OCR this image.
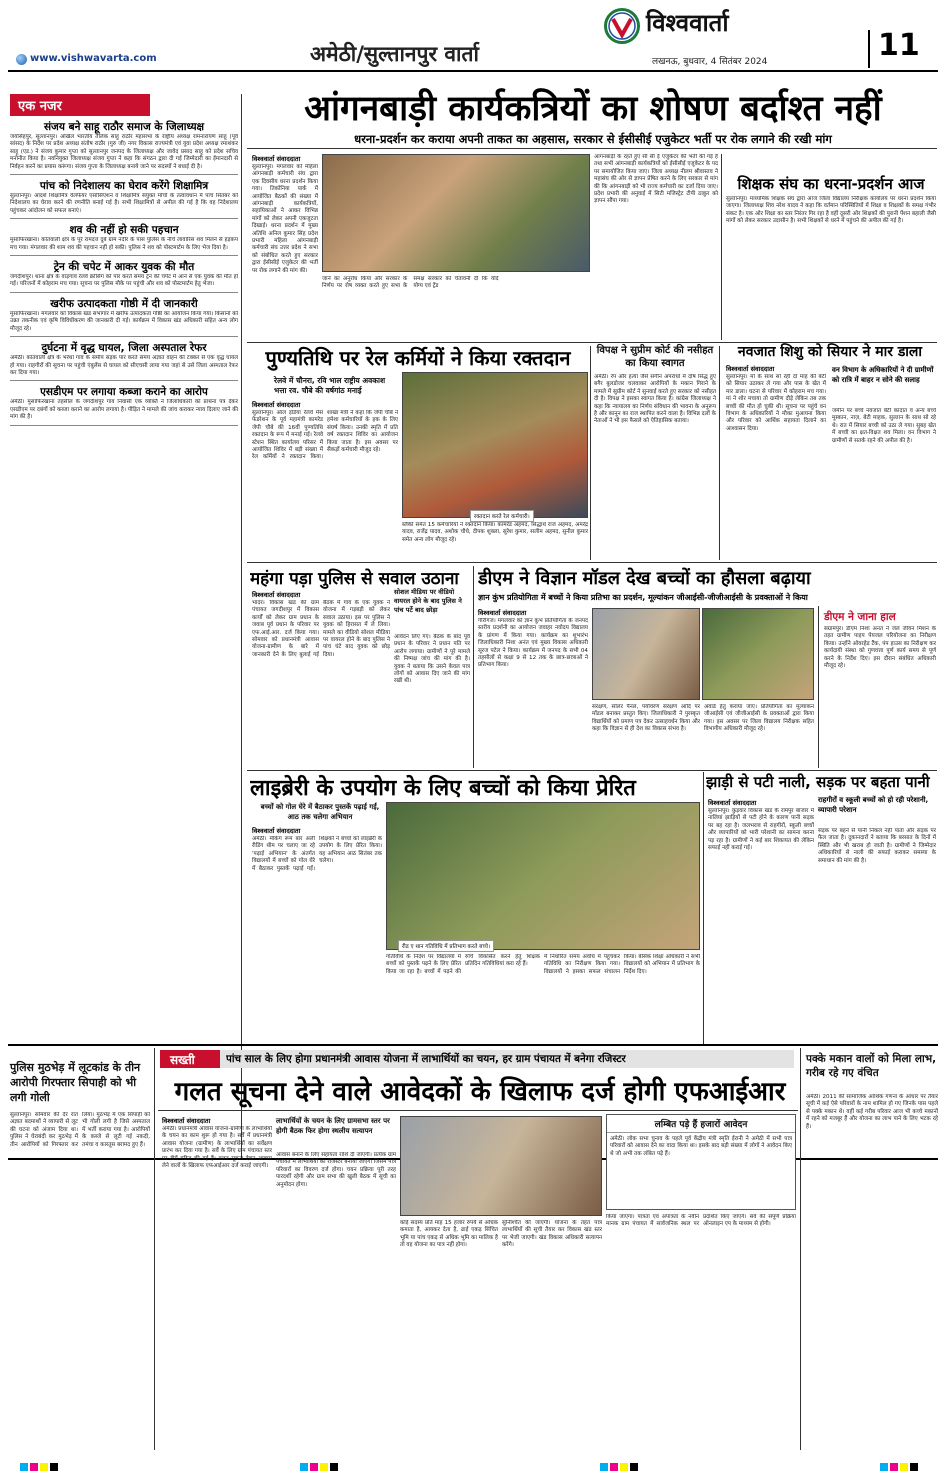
www.vishwavarta.com	अमेठी/सुल्तानपुर वार्ता
विश्ववार्ता
लखनऊ, बुधवार, 4 सितंबर 2024	11
एक नजर
संजय बने साहू राठौर समाज के जिलाध्यक्ष
जयसिंहपुर, सुल्तानपुर। अखिल भारतीय तैलिक साहू राठौर महासभा के राष्ट्रीय अध्यक्ष रामनारायण साहू (पूर्व सांसद) के निर्देश पर प्रदेश अध्यक्ष संतोष राठौर (गुरु जी) नगर विकास राज्यमंत्री एवं युवा प्रदेश अध्यक्ष रमाशंकर साहू (एड.) ने संजय कुमार गुप्ता को सुल्तानपुर जनपद के जिलाध्यक्ष और जावेद प्रसाद साहू को प्रदेश सचिव मनोनीत किया है। नवनियुक्त जिलाध्यक्ष संजय गुप्ता ने कहा कि संगठन द्वारा दी गई जिम्मेदारी का ईमानदारी से निर्वहन करने का प्रयास करूंगा। संजय गुप्ता के जिलाध्यक्ष बनाये जाने पर सदस्यों ने बधाई दी है।
पांच को निदेशालय का घेराव करेंगे शिक्षामित्र
सुल्तानपुर। आदर्श शिक्षामित्र वेलफेयर एसोसिएशन व शिक्षामित्र संयुक्त मोर्चा के तत्वावधान में पांच सितंबर को निदेशालय का घेराव करने की रणनीति बनाई गई है। सभी शिक्षामित्रों से अपील की गई है कि वह निदेशालय पहुंचकर आंदोलन को सफल बनाएं।
शव की नहीं हो सकी पहचान
मुसाफिरखाना। कोतवाली क्षेत्र के पूरे रामदत्त दुबे ग्राम नंदीर के पास पुलिस के नीचे लावारिस शव मिलने से हड़कंप मच गया। मंगलवार की शाम शव की पहचान नहीं हो सकी। पुलिस ने शव को पोस्टमार्टम के लिए भेज दिया है।
ट्रेन की चपेट में आकर युवक की मौत
जगदीशपुर। थाना क्षेत्र के वाड़गांव रेलवे क्रॉसिंग को पार करते समय ट्रेन की चपेट में आने से एक युवक की मौत हो गई। परिजनों में कोहराम मच गया। सूचना पर पुलिस मौके पर पहुंची और शव को पोस्टमार्टम हेतु भेजा।
खरीफ उत्पादकता गोष्ठी में दी जानकारी
मुसाफिरखाना। मंगलवार को विकास खंड सभागार में खरीफ उत्पादकता गोष्ठी का आयोजन किया गया। किसानों को उन्नत तकनीक एवं कृषि विविधीकरण की जानकारी दी गई। कार्यक्रम में विकास खंड अधिकारी सहित अन्य लोग मौजूद रहे।
दुर्घटना में वृद्ध घायल, जिला अस्पताल रेफर
अमेठी। कोतवाली क्षेत्र के भरेथा गांव के समीप सड़क पार करते समय अज्ञात वाहन की टक्कर से एक वृद्ध घायल हो गया। राहगीरों की सूचना पर पहुंची एंबुलेंस से घायल को सीएचसी लाया गया जहां से उसे जिला अस्पताल रेफर कर दिया गया।
एसडीएम पर लगाया कब्जा कराने का आरोप
अमेठी। मुसाफिरखाना तहसील के जगदीशपुर गांव निवासी एक व्यक्ति ने जिलाधिकारी को प्रार्थना पत्र देकर एसडीएम पर दबंगों को कब्जा कराने का आरोप लगाया है। पीड़ित ने मामले की जांच कराकर न्याय दिलाए जाने की मांग की है।
आंगनबाड़ी कार्यकत्रियों का शोषण बर्दाश्त नहीं
धरना-प्रदर्शन कर कराया अपनी ताकत का अहसास, सरकार से ईसीसीई एजुकेटर भर्ती पर रोक लगाने की रखी मांग
विश्ववार्ता संवाददाता
सुल्तानपुर। मंगलवार को महिला आंगनबाड़ी कर्मचारी संघ द्वारा एक दिवसीय धरना प्रदर्शन किया गया। तिकोनिया पार्क में आयोजित बैठकों की संख्या में आंगनबाड़ी कार्यकत्रियों, सहायिकाओं ने आकर विभिन्न मांगों को लेकर अपनी एकजुटता दिखाई। धरना प्रदर्शन में मुख्य अतिथि अनिल कुमार सिंह प्रदेश प्रभारी महिला आंगनबाड़ी कर्मचारी संघ उत्तर प्रदेश ने सभा को संबोधित करते हुए सरकार द्वारा ईसीसीई एजुकेटर की भर्ती पर रोक लगाने की मांग की।
आंगनबाड़ी के रहते हुए सी सी ई एजुकेटर की भर्ती की गई है तथा सभी आंगनबाड़ी कार्यकत्रियों को ईसीसीई एजुकेटर के पद पर समायोजित किया जाए। जिला अध्यक्ष नीलम श्रीवास्तव ने महासंघ की ओर से ज्ञापन प्रेषित करने के लिए सरकार से मांग की कि आंगनबाड़ी को भी राज्य कर्मचारी का दर्जा दिया जाए। प्रदेश प्रभारी की अनुवाई में सिटी मजिस्ट्रेट टीपी ठाकुर को ज्ञापन सौंपा गया।
जाने का अनुरोध किया और सरकार के निर्णय पर रोष व्यक्त करते हुए सभा के समक्ष सरकार को चेतावनी दी कि यदि योग्य एवं ट्रेंड
शिक्षक संघ का धरना-प्रदर्शन आज
सुल्तानपुर। माध्यमिक शिक्षक संघ द्वारा आज जिला विद्यालय निरीक्षक कार्यालय पर धरना प्रदर्शन किया जाएगा। जिलाध्यक्ष शिव नरेश यादव ने कहा कि वर्तमान परिस्थितियों में शिक्षा व शिक्षकों के समक्ष गंभीर संकट है। एक ओर शिक्षा का स्तर निरंतर गिर रहा है वहीं दूसरी ओर शिक्षकों की पुरानी पेंशन बहाली जैसी मांगों को लेकर सरकार उदासीन है। सभी शिक्षकों से धरने में पहुंचने की अपील की गई है।
पुण्यतिथि पर रेल कर्मियों ने किया रक्तदान
रेलवे में चौनरा, रवि भाल राष्ट्रीय अवकाश भत्ता रव. चौबे की वर्षगांठ मनाई
रक्तदान करते रेल कर्मचारी।
विश्ववार्ता संवाददाता
सुल्तानपुर। ऑल इंडिया रेलवे मेंस फेडरेशन के पूर्व महामंत्री कामरेड जेपी चौबे की 16वीं पुण्यतिथि रक्तदान के रूप में मनाई गई। रेलवे स्टेशन स्थित कार्यालय परिसर में आयोजित शिविर में बड़ी संख्या में रेल कर्मियों ने रक्तदान किया। शाखा मंत्री ने कहा कि जेपी चौबे ने हमेशा कर्मचारियों के हक के लिए संघर्ष किया। उनकी स्मृति में प्रति वर्ष रक्तदान शिविर का आयोजन किया जाता है। इस अवसर पर सैकड़ों कर्मचारी मौजूद रहे।
ब्लैकी समेत 15 कर्मचारियों ने रक्तदान किया। कामरेड अहमद, सिद्धार्थ राज अहमद, अमरेंद्र यादव, राजेंद्र यादव, अशोक चौधे, दीपक शुक्ला, सुरेश कुमार, सलीम अहमद, सुनील कुमार समेत अन्य लोग मौजूद रहे।
विपक्ष ने सुप्रीम कोर्ट की नसीहत का किया स्वागत
अमेठी। रेप और हत्या जैसे संगीन अपराधों में दोष सिद्ध हुए बगैर बुलडोजर चलवाकर आरोपियों के मकान गिराने के मामले में सुप्रीम कोर्ट ने सुनवाई करते हुए सरकार को नसीहत दी है। विपक्ष ने इसका स्वागत किया है। कांग्रेस जिलाध्यक्ष ने कहा कि न्यायालय का निर्णय संविधान की भावना के अनुरूप है और कानून का राज स्थापित करने वाला है। विभिन्न दलों के नेताओं ने भी इस फैसले को ऐतिहासिक बताया।
नवजात शिशु को सियार ने मार डाला
विश्ववार्ता संवाददाता
सुल्तानपुर। माँ के साथ सो रही दो माह की बेटी को सियार उठाकर ले गया और पास के खेत में मार डाला। घटना से परिवार में कोहराम मच गया। मां ने शोर मचाया तो ग्रामीण दौड़े लेकिन तब तक बच्ची की मौत हो चुकी थी। सूचना पर पहुंचे वन विभाग के अधिकारियों ने मौका मुआयना किया और परिवार को आर्थिक सहायता दिलाने का आश्वासन दिया।
वन विभाग के अधिकारियों ने दी ग्रामीणों को रात्रि में बाहर न सोने की सलाह
जमीन पर बच्चे नवजात बेटी कादांत व अन्य बच्चे मुस्कान, नाज़, बेटी माहक, सुल्तान के साथ सो रहे थे। रात में सियार बच्ची को उठा ले गया। सुबह खेत में बच्ची का क्षत-विक्षत शव मिला। वन विभाग ने ग्रामीणों से सतर्क रहने की अपील की है।
महंगा पड़ा पुलिस से सवाल उठाना
सोशल मीडिया पर वीडियो वायरल होने के बाद पुलिस ने पांच पर्टे बाद छोड़ा
विश्ववार्ता संवाददाता
भादर। विकास खंड की ग्राम पंचायत जगदीशपुर में विकास कार्यों को लेकर ग्राम प्रधान के जवाब पूर्व प्रधान के परिवार पर एफ.आई.आर. दर्ज किया गया। सोमवार को प्रधानमंत्री आवास योजना-ग्रामीण के बारे में जानकारी देने के लिए बुलाई गई बैठक में गांव के एक युवक ने योजना में गड़बड़ी को लेकर सवाल उठाया। इस पर पुलिस ने युवक को हिरासत में ले लिया। मामले का वीडियो सोशल मीडिया पर वायरल होने के बाद पुलिस ने पांच घंटे बाद युवक को छोड़ दिया।
आवेदन लिए गए। बैठक के बाद पूर्व प्रधान के परिवार ने प्रधान पति पर आरोप लगाया। ग्रामीणों ने पूरे मामले की निष्पक्ष जांच की मांग की है। युवक ने बताया कि उसने केवल पात्र लोगों को आवास दिए जाने की मांग रखी थी।
डीएम ने विज्ञान मॉडल देख बच्चों का हौसला बढ़ाया
ज्ञान कुंभ प्रतियोगिता में बच्चों ने किया प्रतिभा का प्रदर्शन, मूल्यांकन जीआईसी-जीजीआईसी के प्रवक्ताओं ने किया
विश्ववार्ता संवाददाता
गौरीगंज। मंगलवार को ज्ञान कुंभ प्रतियोगिता के जनपद स्तरीय प्रदर्शनी का आयोजन जवाहर नवोदय विद्यालय के प्रांगण में किया गया। कार्यक्रम का शुभारंभ जिलाधिकारी निशा अनंत एवं मुख्य विकास अधिकारी सूरज पटेल ने किया। कार्यक्रम में जनपद के सभी 04 तहसीलों से कक्षा 9 से 12 तक के छात्र-छात्राओं ने प्रतिभाग किया।
संरक्षण, सोलर पैनल, पर्यावरण संरक्षण आदि पर मॉडल बनाकर प्रस्तुत किए। जिलाधिकारी ने पुरस्कृत विद्यार्थियों को प्रमाण पत्र देकर उत्साहवर्धन किया और कहा कि विज्ञान से ही देश का विकास संभव है।
अवार्ड हेतु कराया जाए। प्रतियोगिता का मूल्यांकन जीआईसी एवं जीजीआईसी के प्रवक्ताओं द्वारा किया गया। इस अवसर पर जिला विद्यालय निरीक्षक सहित विभागीय अधिकारी मौजूद रहे।
डीएम ने जाना हाल
संग्रामपुर। डीएम निशा अनंत ने जल जीवन मिशन के तहत ग्रामीण पाइप पेयजल परियोजना का निरीक्षण किया। उन्होंने ओवरहेड टैंक, पंप हाउस का निरीक्षण कर कार्यदायी संस्था को गुणवत्ता पूर्ण कार्य समय से पूर्ण करने के निर्देश दिए। इस दौरान संबंधित अधिकारी मौजूद रहे।
लाइब्रेरी के उपयोग के लिए बच्चों को किया प्रेरित
बच्चों को गोल घेरे में बैठाकर पुस्तकें पढ़ाई गईं, आठ तक चलेगा अभियान
रीड ए थान गतिविधि में प्रतिभाग करते बच्चे।
विश्ववार्ता संवाददाता
अमेठी। मेकिंग रूम बार अली रीडिंग थीम पर चलाए जा रहे 'पढ़ाई अभियान' के अंतर्गत विद्यालयों में बच्चों को गोल घेरे में बैठाकर पुस्तकें पढ़ाई गईं। शिक्षकों ने बच्चों को लाइब्रेरी के उपयोग के लिए प्रेरित किया। यह अभियान आठ सितंबर तक चलेगा।
गतिविधि के निर्देश पर विद्यालयों में बच्चों को पुस्तकें पढ़ने के लिए प्रेरित किया जा रहा है। बच्चों में पढ़ने की रुचि विकसित करने हेतु शिक्षक प्रतिदिन गतिविधियां करा रहे हैं।
में निर्धारित समय अवधि में पहुंचकर गतिविधि का निरीक्षण किया गया। विद्यालयों ने इसका सफल संचालन किया। बेसिक शिक्षा अधिकारी ने सभी विद्यालयों को अभियान में प्रतिभाग के निर्देश दिए।
झाड़ी से पटी नाली, सड़क पर बहता पानी
विश्ववार्ता संवाददाता
सुल्तानपुर। कुड़वार विकास खंड के रामपुर बाजार में नालियां झाड़ियों से पटी होने के कारण पानी सड़क पर बह रहा है। जलभराव से राहगीरों, स्कूली बच्चों और व्यापारियों को भारी परेशानी का सामना करना पड़ रहा है। ग्रामीणों ने कई बार शिकायत की लेकिन सफाई नहीं कराई गई।
राहगीरों व स्कूली बच्चों को हो रही परेशानी, व्यापारी परेशान
सड़क पर बहने से पानी निकल नहीं पाता और सड़क पर फैल जाता है। दुकानदारों ने बताया कि बरसात के दिनों में स्थिति और भी खराब हो जाती है। ग्रामीणों ने जिम्मेदार अधिकारियों से नाली की सफाई कराकर समस्या के समाधान की मांग की है।
पुलिस मुठभेड़ में लूटकांड के तीन आरोपी गिरफ्तार सिपाही को भी लगी गोली
सुल्तानपुर। सोमवार की देर रात अज्ञात बदमाशों ने व्यापारी से लूट की घटना को अंजाम दिया था। पुलिस ने घेराबंदी कर मुठभेड़ में तीन आरोपियों को गिरफ्तार कर लिया। मुठभेड़ में एक सिपाही को भी गोली लगी है जिसे अस्पताल में भर्ती कराया गया है। आरोपियों के कब्जे से लूटी गई नकदी, तमंचा व कारतूस बरामद हुए हैं।
सख्ती	पांच साल के लिए होगा प्रधानमंत्री आवास योजना में लाभार्थियों का चयन, हर ग्राम पंचायत में बनेगा रजिस्टर
गलत सूचना देने वाले आवेदकों के खिलाफ दर्ज होगी एफआईआर
विश्ववार्ता संवाददाता
अमेठी। प्रधानमंत्री आवास योजना-ग्रामीण के लाभार्थियों के चयन का काम शुरू हो गया है। सर्वे में प्रधानमंत्री आवास योजना (ग्रामीण) के लाभार्थियों का सर्वेक्षण प्रारंभ कर दिया गया है। सर्वे के लिए ग्राम पंचायत स्तर पर टीमें गठित की गई हैं। गलत सूचना देकर आवास लेने वालों के खिलाफ एफआईआर दर्ज कराई जाएगी।
लाभार्थियों के चयन के लिए ग्रामसभा स्तर पर होगी बैठक फिर होगा स्थलीय सत्यापन
आवास बनाने के लिए सहायता राशि दी जाएगी। प्रत्येक ग्राम पंचायत में लाभार्थियों का रजिस्टर बनाया जाएगा जिसमें पात्र परिवारों का विवरण दर्ज होगा। चयन प्रक्रिया पूरी तरह पारदर्शी रहेगी और ग्राम सभा की खुली बैठक में सूची का अनुमोदन होगा।
कोई सदस्य प्रति माह 15 हजार रुपये से अधिक कमाता है, आयकर देता है, ढाई एकड़ सिंचित भूमि या पांच एकड़ से अधिक भूमि का मालिक है तो वह योजना का पात्र नहीं होगा।
सुनिश्चित की जाएगी। योजना के तहत पात्र लाभार्थियों की सूची तैयार कर विकास खंड स्तर पर भेजी जाएगी। खंड विकास अधिकारी सत्यापन करेंगे।
लम्बित पड़े हैं हजारों आवेदन
अमेठी। लोक सभा चुनाव के पहले पूर्व केंद्रीय मंत्री स्मृति ईरानी ने अमेठी में सभी पात्र परिवारों को आवास देने का वादा किया था। इसके बाद बड़ी संख्या में लोगों ने आवेदन किए थे जो अभी तक लंबित पड़े हैं।
किया जाएगा। पात्रता एवं अपात्रता के नवीन मानक ग्राम पंचायत में सार्वजनिक स्थल पर प्रदर्शित किए जाएंगे। सर्वे की संपूर्ण प्रक्रिया ऑनलाइन एप के माध्यम से होगी।
पक्के मकान वालों को मिला लाभ, गरीब रहे गए वंचित
अमेठी। 2011 की सामाजिक आर्थिक गणना के आधार पर तैयार सूची में कई ऐसे परिवारों के नाम शामिल हो गए जिनके पास पहले से पक्के मकान थे। वहीं कई गरीब परिवार आज भी कच्चे मकानों में रहने को मजबूर हैं और योजना का लाभ पाने के लिए भटक रहे हैं।
